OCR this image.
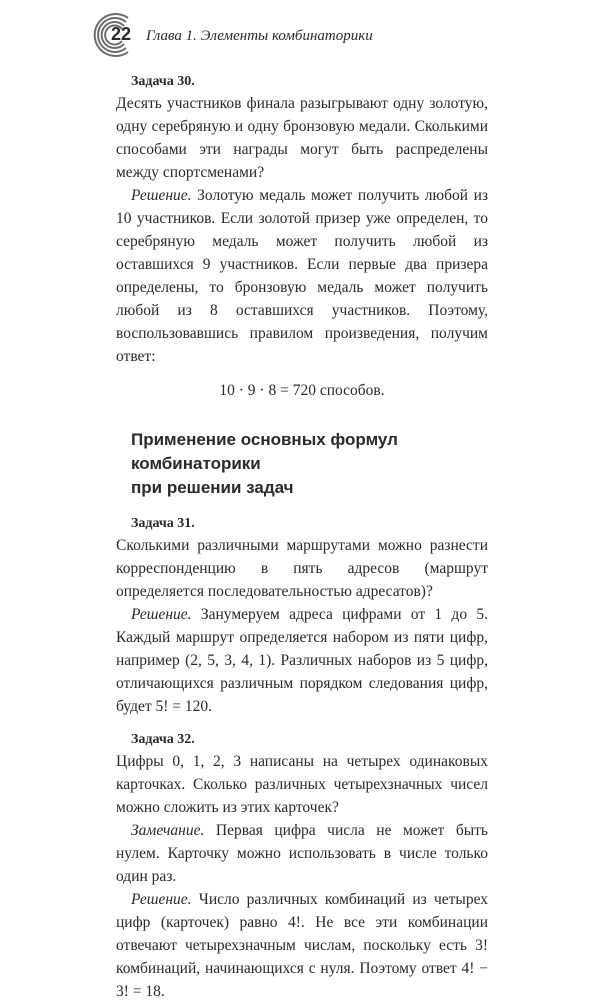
22 Глава 1. Элементы комбинаторики
Задача 30.

Десять участников финала разыгрывают одну золотую, одну серебряную и одну бронзовую медали. Сколькими способами эти награды могут быть распределены между спортсменами?

Решение. Золотую медаль может получить любой из 10 участников. Если золотой призер уже определен, то серебряную медаль может получить любой из оставшихся 9 участников. Если первые два призера определены, то бронзовую медаль может получить любой из 8 оставшихся участников. Поэтому, воспользовавшись правилом произведения, получим ответ:

10 · 9 · 8 = 720 способов.
Применение основных формул комбинаторики
при решении задач
Задача 31.

Сколькими различными маршрутами можно разнести корреспонденцию в пять адресов (маршрут определяется последовательностью адресатов)?

Решение. Занумеруем адреса цифрами от 1 до 5. Каждый маршрут определяется набором из пяти цифр, например (2, 5, 3, 4, 1). Различных наборов из 5 цифр, отличающихся различным порядком следования цифр, будет 5! = 120.

Задача 32.

Цифры 0, 1, 2, 3 написаны на четырех одинаковых карточках. Сколько различных четырехзначных чисел можно сложить из этих карточек?

Замечание. Первая цифра числа не может быть нулем. Карточку можно использовать в числе только один раз.

Решение. Число различных комбинаций из четырех цифр (карточек) равно 4!. Не все эти комбинации отвечают четырехзначным числам, поскольку есть 3! комбинаций, начинающихся с нуля. Поэтому ответ 4! − 3! = 18.
